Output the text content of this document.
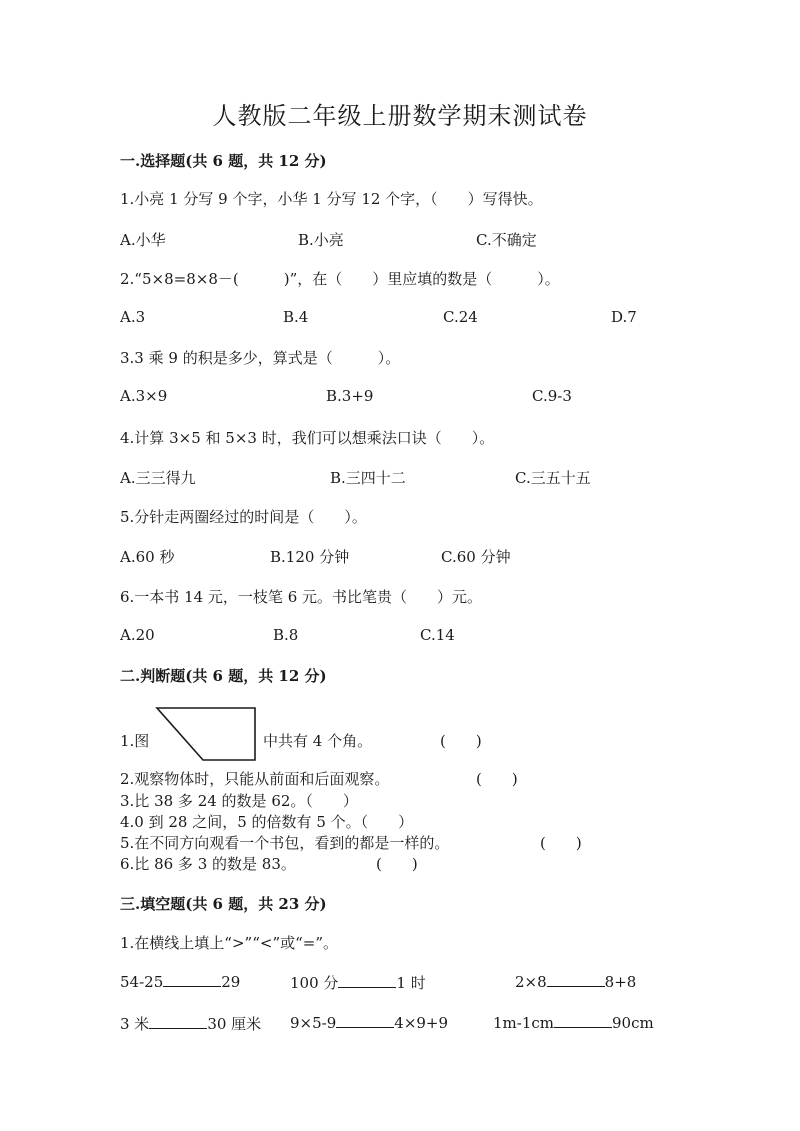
人教版二年级上册数学期末测试卷
一.选择题(共 6 题，共 12 分)
1.小亮 1 分写 9 个字，小华 1 分写 12 个字，（　　）写得快。
A.小华	B.小亮	C.不确定
2.“5×8=8×8－(　　　)”，在（　　）里应填的数是（　　　）。
A.3	B.4	C.24	D.7
3.3 乘 9 的积是多少，算式是（　　　）。
A.3×9	B.3+9	C.9-3
4.计算 3×5 和 5×3 时，我们可以想乘法口诀（　　）。
A.三三得九	B.三四十二	C.三五十五
5.分针走两圈经过的时间是（　　）。
A.60 秒	B.120 分钟	C.60 分钟
6.一本书 14 元，一枝笔 6 元。书比笔贵（　　）元。
A.20	B.8	C.14
二.判断题(共 6 题，共 12 分)
1.图	中共有 4 个角。	(　　)
2.观察物体时，只能从前面和后面观察。	(　　)
3.比 38 多 24 的数是 62。（　　）
4.0 到 28 之间，5 的倍数有 5 个。（　　）
5.在不同方向观看一个书包，看到的都是一样的。	(　　)
6.比 86 多 3 的数是 83。	(　　)
三.填空题(共 6 题，共 23 分)
1.在横线上填上“>”“<”或“=”。
54-25	29	100 分	1 时	2×8	8+8
3 米	30 厘米 9×5-9	4×9+9	1m-1cm	90cm
